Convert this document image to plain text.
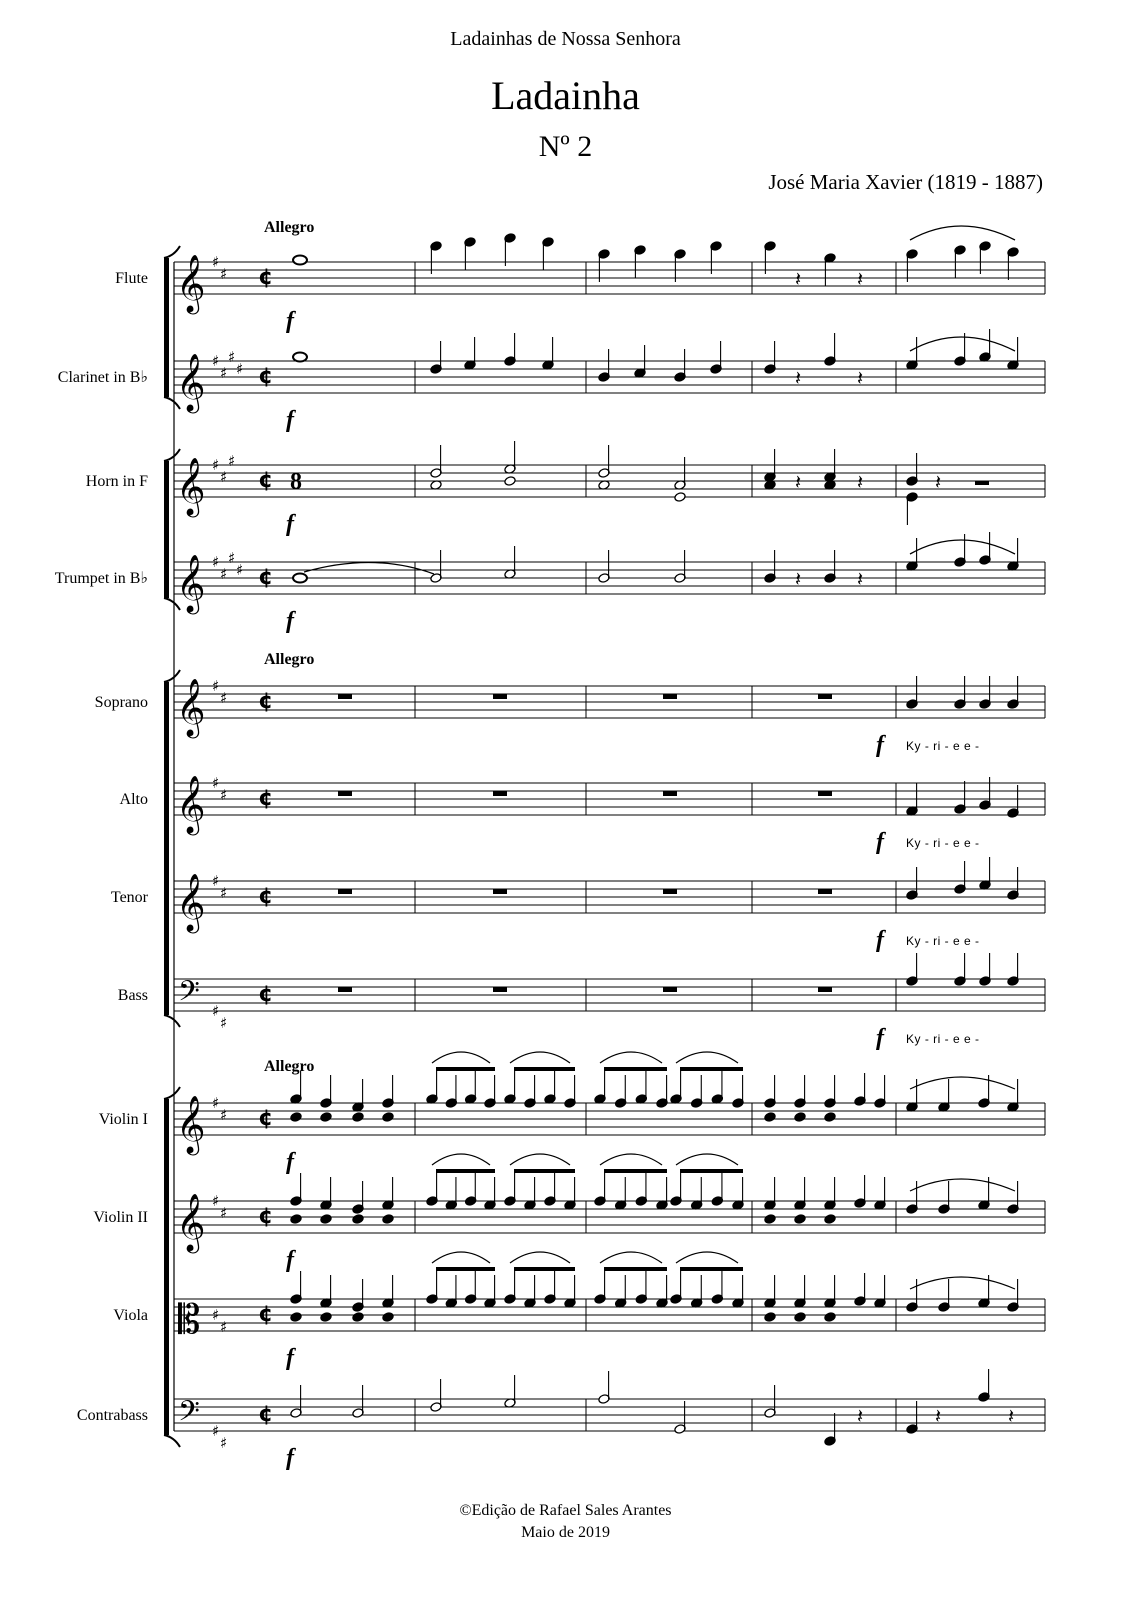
Ladainhas de Nossa Senhora
Ladainha
Nº 2
José Maria Xavier (1819 - 1887)
Flute 𝄞 ♯
♯ ¢
f
Clarinet in B♭ 𝄞 ♯
♯
♯
♯ ¢
f
Horn in F 𝄞 ♯
♯
♯
¢
f
Trumpet in B♭ 𝄞 ♯
♯
♯
♯ ¢
f
Soprano 𝄞 ♯
♯ ¢
f Ky - ri - e e -
Alto 𝄞 ♯
♯ ¢
f Ky - ri - e e -
Tenor 𝄞 ♯
♯ ¢
f Ky - ri - e e -
Bass 𝄢 ♯
♯
¢
f Ky - ri - e e -
Violin I 𝄞 ♯
♯ ¢
f
Violin II 𝄞 ♯
♯ ¢
f
Viola 𝄡 ♯
♯ ¢
f
Contrabass 𝄢 ♯
♯
¢
f
Allegro
Allegro
Allegro
𝄽	𝄽
𝄽	𝄽
8	𝄽	𝄽	𝄽
𝄽	𝄽
𝄽	𝄽	𝄽
©Edição de Rafael Sales Arantes
Maio de 2019
